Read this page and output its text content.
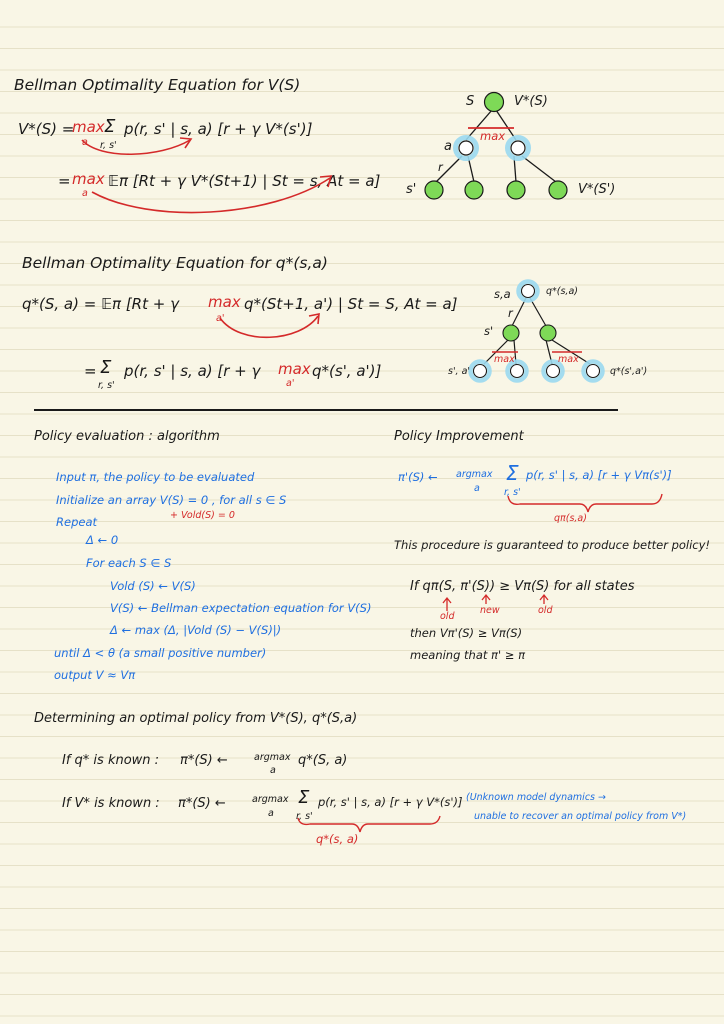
Bellman Optimality Equation for V(S)
V*(S) =
max
a
Σ
r, s'
p(r, s' | s, a) [r + γ V*(s')]
= max
a
𝔼π [Rt + γ V*(St+1) | St = s, At = a]
S	V*(S)
max
a
r
s'	V*(S')
Bellman Optimality Equation for q*(s,a)
q*(S, a) = 𝔼π [Rt + γ max
a'
q*(St+1, a') | St = S, At = a]
= Σ
r, s'
p(r, s' | s, a) [r + γ max
a'
q*(s', a')]
s,a	q*(s,a)
r
s'
max	max
s', a'	q*(s',a')
Policy evaluation : algorithm
Input π, the policy to be evaluated
Initialize an array V(S) = 0 , for all s ∈ S
+ Vold(S) = 0
Repeat
Δ ← 0
For each S ∈ S
Vold (S) ← V(S)
V(S) ← Bellman expectation equation for V(S)
Δ ← max (Δ, |Vold (S) − V(S)|)
until Δ < θ (a small positive number)
output V ≈ Vπ
Policy Improvement
π'(S) ← argmax
a
Σ
r, s'
p(r, s' | s, a) [r + γ Vπ(s')]
qπ(s,a)
This procedure is guaranteed to produce better policy!
If qπ(S, π'(S)) ≥ Vπ(S) for all states
old
new	old
then Vπ'(S) ≥ Vπ(S)
meaning that π' ≥ π
Determining an optimal policy from V*(S), q*(S,a)
If q* is known : π*(S) ←	argmax
a
q*(S, a)
If V* is known : π*(S) ←	argmax
a
Σ
r, s'
p(r, s' | s, a) [r + γ V*(s')]
q*(s, a)
(Unknown model dynamics →
unable to recover an optimal policy from V*)
